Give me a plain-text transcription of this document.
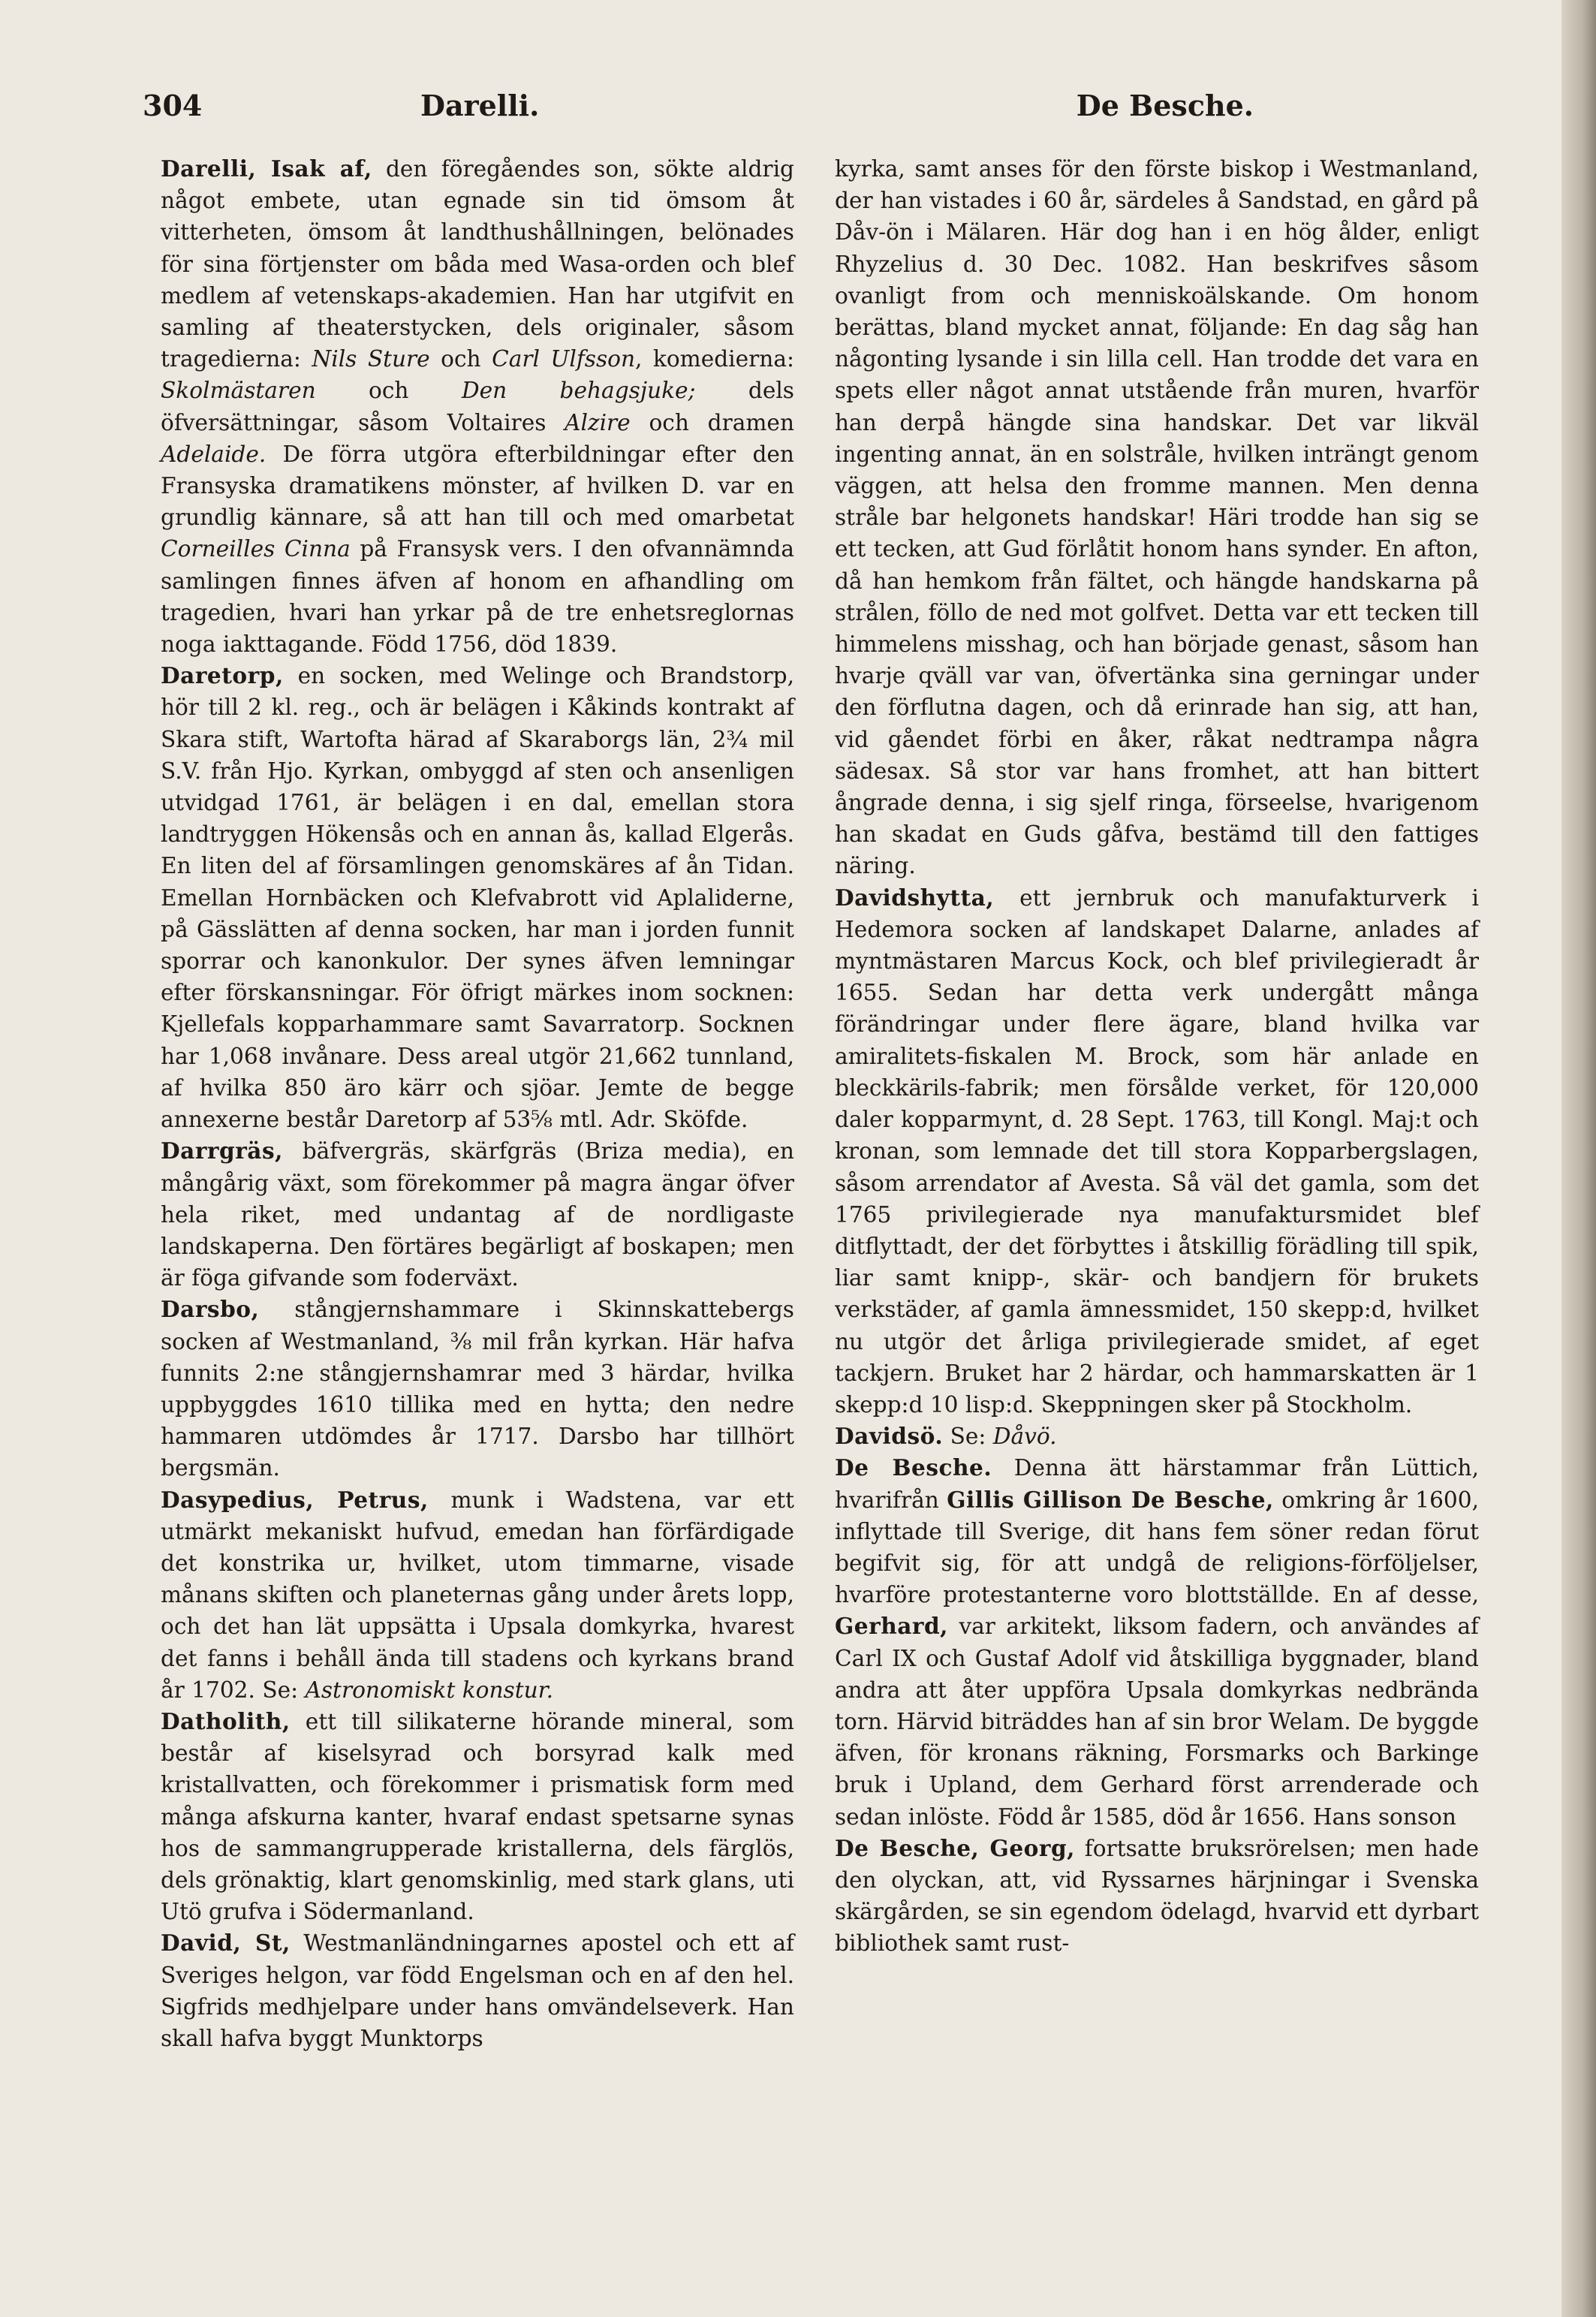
304	Darelli.	De Besche.

Darelli, Isak af, den föregåendes son, sökte aldrig något embete, utan egnade sin tid ömsom åt vitterheten, ömsom åt landthushållningen, belönades för sina förtjenster om båda med Wasa-orden och blef medlem af vetenskaps-akademien. Han har utgifvit en samling af theaterstycken, dels originaler, såsom tragedierna: Nils Sture och Carl Ulfsson, komedierna: Skolmästaren och Den behagsjuke; dels öfversättningar, såsom Voltaires Alzire och dramen Adelaide. De förra utgöra efterbildningar efter den Fransyska dramatikens mönster, af hvilken D. var en grundlig kännare, så att han till och med omarbetat Corneilles Cinna på Fransysk vers. I den ofvannämnda samlingen finnes äfven af honom en afhandling om tragedien, hvari han yrkar på de tre enhetsreglornas noga iakttagande. Född 1756, död 1839.

Daretorp, en socken, med Welinge och Brandstorp, hör till 2 kl. reg., och är belägen i Kåkinds kontrakt af Skara stift, Wartofta härad af Skaraborgs län, 2¾ mil S.V. från Hjo. Kyrkan, ombyggd af sten och ansenligen utvidgad 1761, är belägen i en dal, emellan stora landtryggen Hökensås och en annan ås, kallad Elgerås. En liten del af församlingen genomskäres af ån Tidan. Emellan Hornbäcken och Klefvabrott vid Aplaliderne, på Gässlätten af denna socken, har man i jorden funnit sporrar och kanonkulor. Der synes äfven lemningar efter förskansningar. För öfrigt märkes inom socknen: Kjellefals kopparhammare samt Savarratorp. Socknen har 1,068 invånare. Dess areal utgör 21,662 tunnland, af hvilka 850 äro kärr och sjöar. Jemte de begge annexerne består Daretorp af 53⅝ mtl. Adr. Sköfde.

Darrgräs, bäfvergräs, skärfgräs (Briza media), en mångårig växt, som förekommer på magra ängar öfver hela riket, med undantag af de nordligaste landskaperna. Den förtäres begärligt af boskapen; men är föga gifvande som foderväxt.

Darsbo, stångjernshammare i Skinnskattebergs socken af Westmanland, ⅜ mil från kyrkan. Här hafva funnits 2:ne stångjernshamrar med 3 härdar, hvilka uppbyggdes 1610 tillika med en hytta; den nedre hammaren utdömdes år 1717. Darsbo har tillhört bergsmän.

Dasypedius, Petrus, munk i Wadstena, var ett utmärkt mekaniskt hufvud, emedan han förfärdigade det konstrika ur, hvilket, utom timmarne, visade månans skiften och planeternas gång under årets lopp, och det han lät uppsätta i Upsala domkyrka, hvarest det fanns i behåll ända till stadens och kyrkans brand år 1702. Se: Astronomiskt konstur.

Datholith, ett till silikaterne hörande mineral, som består af kiselsyrad och borsyrad kalk med kristallvatten, och förekommer i prismatisk form med många afskurna kanter, hvaraf endast spetsarne synas hos de sammangrupperade kristallerna, dels färglös, dels grönaktig, klart genomskinlig, med stark glans, uti Utö grufva i Södermanland.

David, St, Westmanländningarnes apostel och ett af Sveriges helgon, var född Engelsman och en af den hel. Sigfrids medhjelpare under hans omvändelseverk. Han skall hafva byggt Munktorps

kyrka, samt anses för den förste biskop i Westmanland, der han vistades i 60 år, särdeles å Sandstad, en gård på Dåv-ön i Mälaren. Här dog han i en hög ålder, enligt Rhyzelius d. 30 Dec. 1082. Han beskrifves såsom ovanligt from och menniskoälskande. Om honom berättas, bland mycket annat, följande: En dag såg han någonting lysande i sin lilla cell. Han trodde det vara en spets eller något annat utstående från muren, hvarför han derpå hängde sina handskar. Det var likväl ingenting annat, än en solstråle, hvilken inträngt genom väggen, att helsa den fromme mannen. Men denna stråle bar helgonets handskar! Häri trodde han sig se ett tecken, att Gud förlåtit honom hans synder. En afton, då han hemkom från fältet, och hängde handskarna på strålen, föllo de ned mot golfvet. Detta var ett tecken till himmelens misshag, och han började genast, såsom han hvarje qväll var van, öfvertänka sina gerningar under den förflutna dagen, och då erinrade han sig, att han, vid gåendet förbi en åker, råkat nedtrampa några sädesax. Så stor var hans fromhet, att han bittert ångrade denna, i sig sjelf ringa, förseelse, hvarigenom han skadat en Guds gåfva, bestämd till den fattiges näring.

Davidshytta, ett jernbruk och manufakturverk i Hedemora socken af landskapet Dalarne, anlades af myntmästaren Marcus Kock, och blef privilegieradt år 1655. Sedan har detta verk undergått många förändringar under flere ägare, bland hvilka var amiralitets-fiskalen M. Brock, som här anlade en bleckkärils-fabrik; men försålde verket, för 120,000 daler kopparmynt, d. 28 Sept. 1763, till Kongl. Maj:t och kronan, som lemnade det till stora Kopparbergslagen, såsom arrendator af Avesta. Så väl det gamla, som det 1765 privilegierade nya manufaktursmidet blef ditflyttadt, der det förbyttes i åtskillig förädling till spik, liar samt knipp-, skär- och bandjern för brukets verkstäder, af gamla ämnessmidet, 150 skepp:d, hvilket nu utgör det årliga privilegierade smidet, af eget tackjern. Bruket har 2 härdar, och hammarskatten är 1 skepp:d 10 lisp:d. Skeppningen sker på Stockholm.

Davidsö. Se: Dåvö.

De Besche. Denna ätt härstammar från Lüttich, hvarifrån Gillis Gillison De Besche, omkring år 1600, inflyttade till Sverige, dit hans fem söner redan förut begifvit sig, för att undgå de religions-förföljelser, hvarföre protestanterne voro blottställde. En af desse, Gerhard, var arkitekt, liksom fadern, och användes af Carl IX och Gustaf Adolf vid åtskilliga byggnader, bland andra att åter uppföra Upsala domkyrkas nedbrända torn. Härvid biträddes han af sin bror Welam. De byggde äfven, för kronans räkning, Forsmarks och Barkinge bruk i Upland, dem Gerhard först arrenderade och sedan inlöste. Född år 1585, död år 1656. Hans sonson

De Besche, Georg, fortsatte bruksrörelsen; men hade den olyckan, att, vid Ryssarnes härjningar i Svenska skärgården, se sin egendom ödelagd, hvarvid ett dyrbart bibliothek samt rust-
